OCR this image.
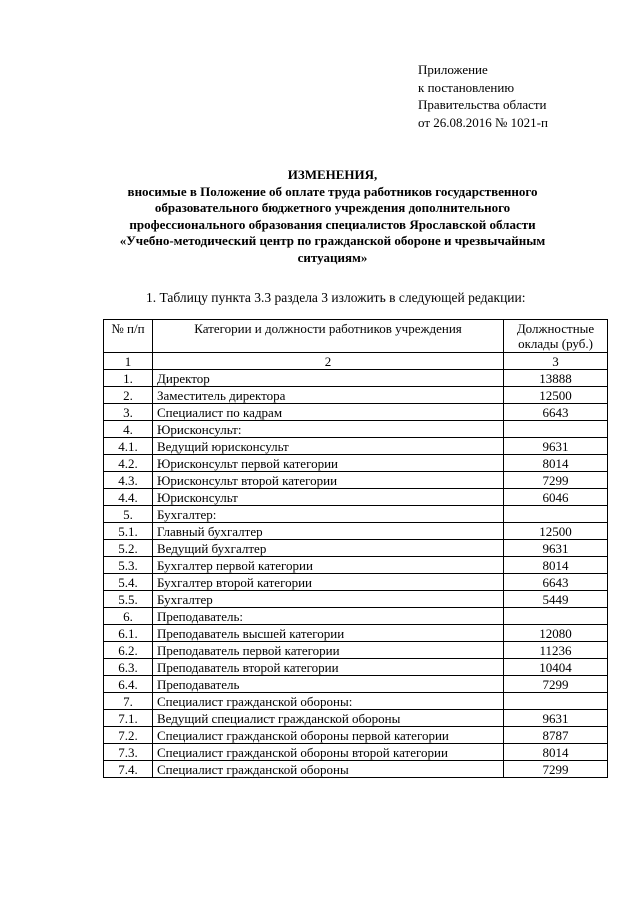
Приложение
к постановлению
Правительства области
от 26.08.2016 № 1021-п
ИЗМЕНЕНИЯ,
вносимые в Положение об оплате труда работников государственного
образовательного бюджетного учреждения дополнительного
профессионального образования специалистов Ярославской области
«Учебно-методический центр по гражданской обороне и чрезвычайным
ситуациям»
1. Таблицу пункта 3.3 раздела 3 изложить в следующей редакции:
№ п/п	Категории и должности работников учреждения	Должностные оклады (руб.)
1	2	3
1.	Директор	13888
2.	Заместитель директора	12500
3.	Специалист по кадрам	6643
4.	Юрисконсульт:	
4.1.	Ведущий юрисконсульт	9631
4.2.	Юрисконсульт первой категории	8014
4.3.	Юрисконсульт второй категории	7299
4.4.	Юрисконсульт	6046
5.	Бухгалтер:	
5.1.	Главный бухгалтер	12500
5.2.	Ведущий бухгалтер	9631
5.3.	Бухгалтер первой категории	8014
5.4.	Бухгалтер второй категории	6643
5.5.	Бухгалтер	5449
6.	Преподаватель:	
6.1.	Преподаватель высшей категории	12080
6.2.	Преподаватель первой категории	11236
6.3.	Преподаватель второй категории	10404
6.4.	Преподаватель	7299
7.	Специалист гражданской обороны:	
7.1.	Ведущий специалист гражданской обороны	9631
7.2.	Специалист гражданской обороны первой категории	8787
7.3.	Специалист гражданской обороны второй категории	8014
7.4.	Специалист гражданской обороны	7299
